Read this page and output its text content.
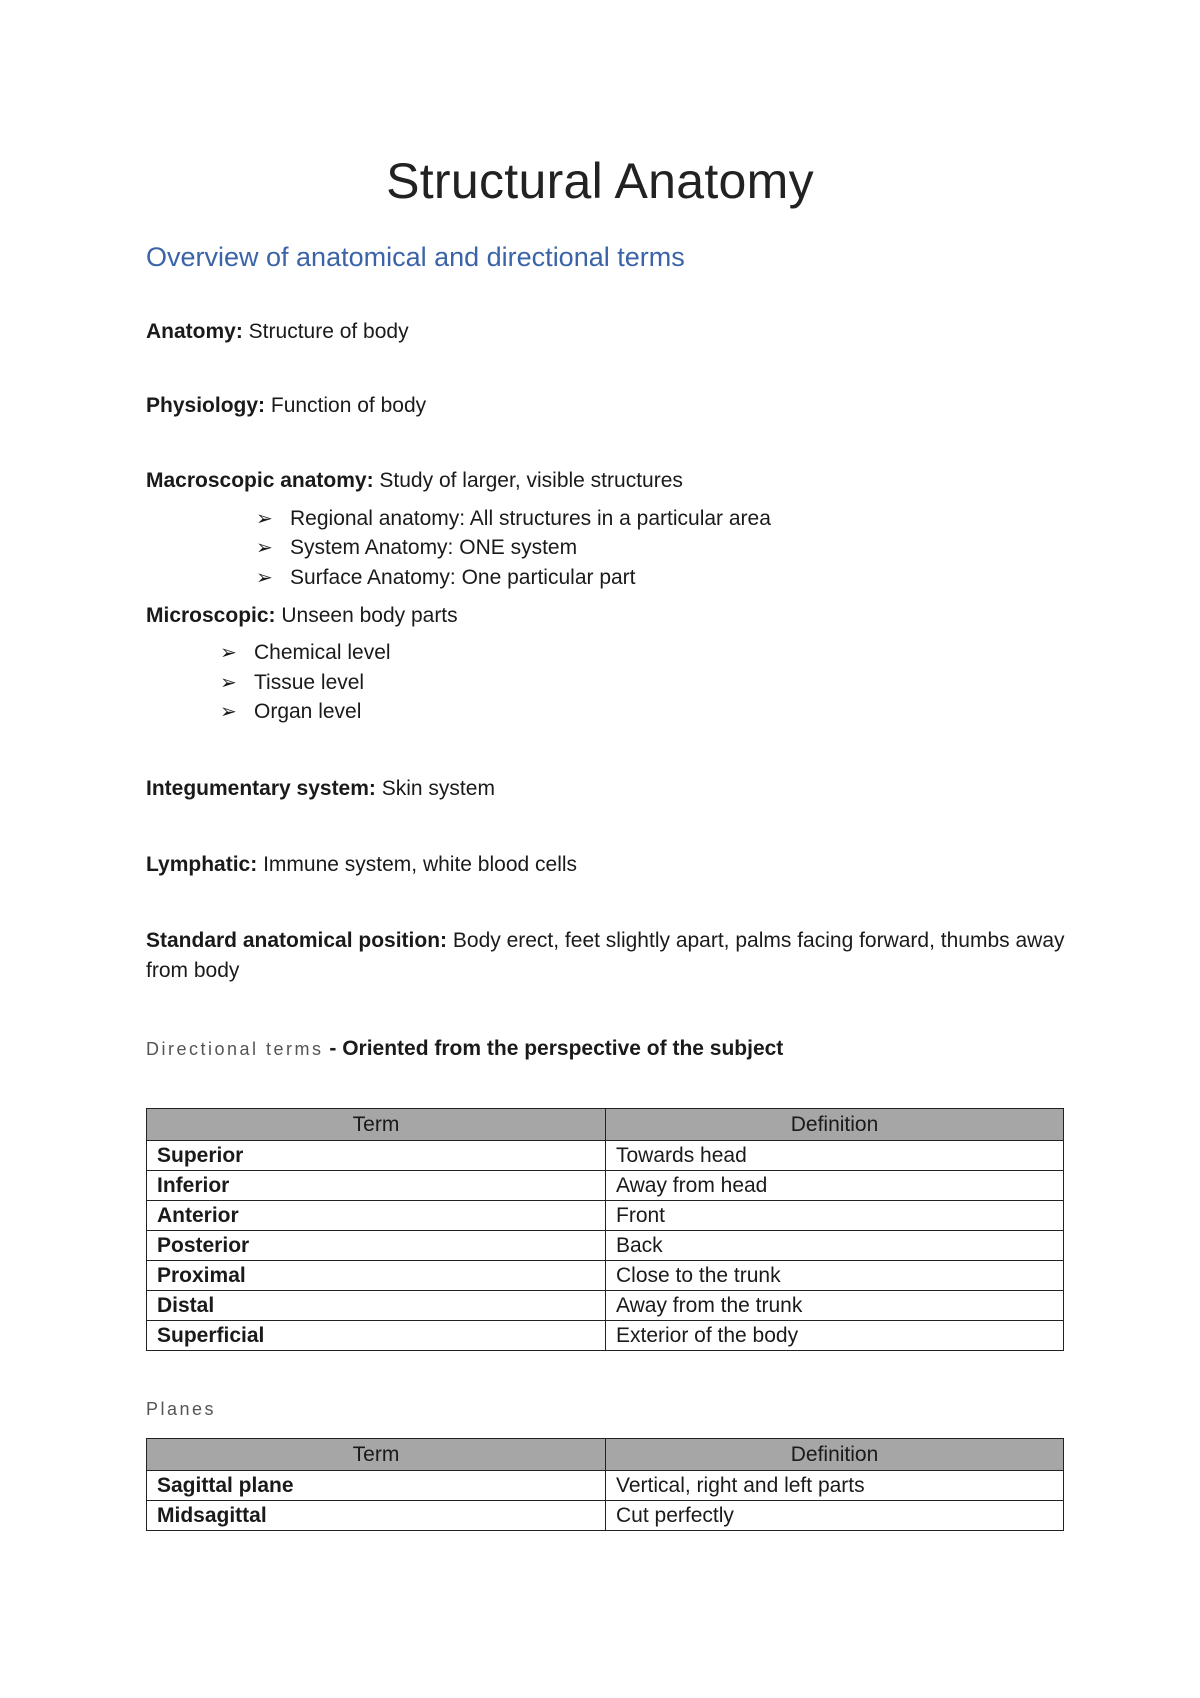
Structural Anatomy
Overview of anatomical and directional terms
Anatomy: Structure of body
Physiology: Function of body
Macroscopic anatomy: Study of larger, visible structures
➢ Regional anatomy: All structures in a particular area
➢ System Anatomy: ONE system
➢ Surface Anatomy: One particular part
Microscopic: Unseen body parts
➢ Chemical level
➢ Tissue level
➢ Organ level
Integumentary system: Skin system
Lymphatic: Immune system, white blood cells
Standard anatomical position: Body erect, feet slightly apart, palms facing forward, thumbs away from body
Directional terms - Oriented from the perspective of the subject
Term	Definition
Superior	Towards head
Inferior	Away from head
Anterior	Front
Posterior	Back
Proximal	Close to the trunk
Distal	Away from the trunk
Superficial	Exterior of the body
Planes
Term	Definition
Sagittal plane	Vertical, right and left parts
Midsagittal	Cut perfectly
